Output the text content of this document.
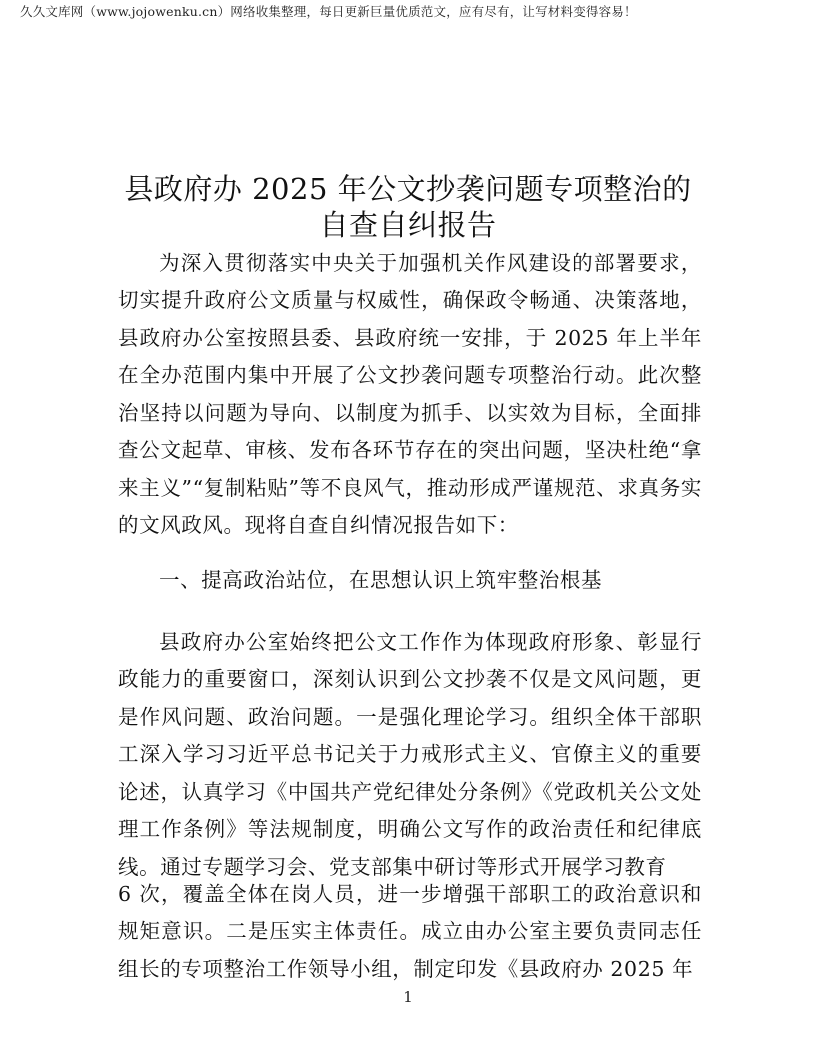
久久文库网（www.jojowenku.cn）网络收集整理，每日更新巨量优质范文，应有尽有，让写材料变得容易！
县政府办 2025 年公文抄袭问题专项整治的自查自纠报告

为深入贯彻落实中央关于加强机关作风建设的部署要求，切实提升政府公文质量与权威性，确保政令畅通、决策落地，县政府办公室按照县委、县政府统一安排，于 2025 年上半年在全办范围内集中开展了公文抄袭问题专项整治行动。此次整治坚持以问题为导向、以制度为抓手、以实效为目标，全面排查公文起草、审核、发布各环节存在的突出问题，坚决杜绝“拿来主义”“复制粘贴”等不良风气，推动形成严谨规范、求真务实的文风政风。现将自查自纠情况报告如下：

一、提高政治站位，在思想认识上筑牢整治根基

县政府办公室始终把公文工作作为体现政府形象、彰显行政能力的重要窗口，深刻认识到公文抄袭不仅是文风问题，更是作风问题、政治问题。一是强化理论学习。组织全体干部职工深入学习习近平总书记关于力戒形式主义、官僚主义的重要论述，认真学习《中国共产党纪律处分条例》《党政机关公文处理工作条例》等法规制度，明确公文写作的政治责任和纪律底线。通过专题学习会、党支部集中研讨等形式开展学习教育

6 次，覆盖全体在岗人员，进一步增强干部职工的政治意识和规矩意识。二是压实主体责任。成立由办公室主要负责同志任组长的专项整治工作领导小组，制定印发《县政府办 2025 年

1
